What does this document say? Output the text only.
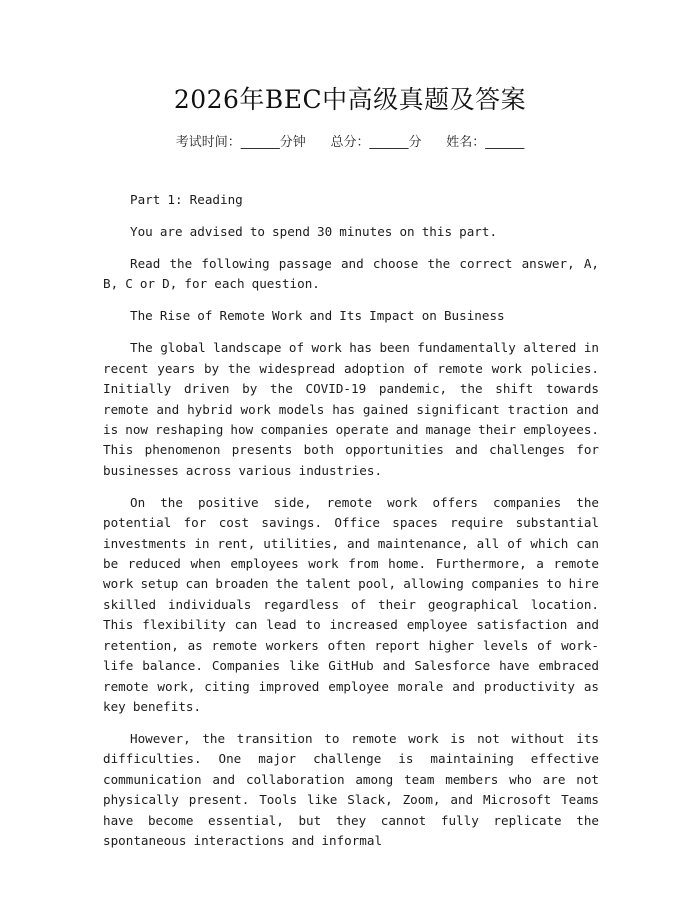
2026年BEC中高级真题及答案
考试时间：______分钟      总分：______分      姓名：______

Part 1: Reading

You are advised to spend 30 minutes on this part.

Read the following passage and choose the correct answer, A, B, C or D, for each question.

The Rise of Remote Work and Its Impact on Business

The global landscape of work has been fundamentally altered in recent years by the widespread adoption of remote work policies. Initially driven by the COVID-19 pandemic, the shift towards remote and hybrid work models has gained significant traction and is now reshaping how companies operate and manage their employees. This phenomenon presents both opportunities and challenges for businesses across various industries.

On the positive side, remote work offers companies the potential for cost savings. Office spaces require substantial investments in rent, utilities, and maintenance, all of which can be reduced when employees work from home. Furthermore, a remote work setup can broaden the talent pool, allowing companies to hire skilled individuals regardless of their geographical location. This flexibility can lead to increased employee satisfaction and retention, as remote workers often report higher levels of work-life balance. Companies like GitHub and Salesforce have embraced remote work, citing improved employee morale and productivity as key benefits.

However, the transition to remote work is not without its difficulties. One major challenge is maintaining effective communication and collaboration among team members who are not physically present. Tools like Slack, Zoom, and Microsoft Teams have become essential, but they cannot fully replicate the spontaneous interactions and informal
